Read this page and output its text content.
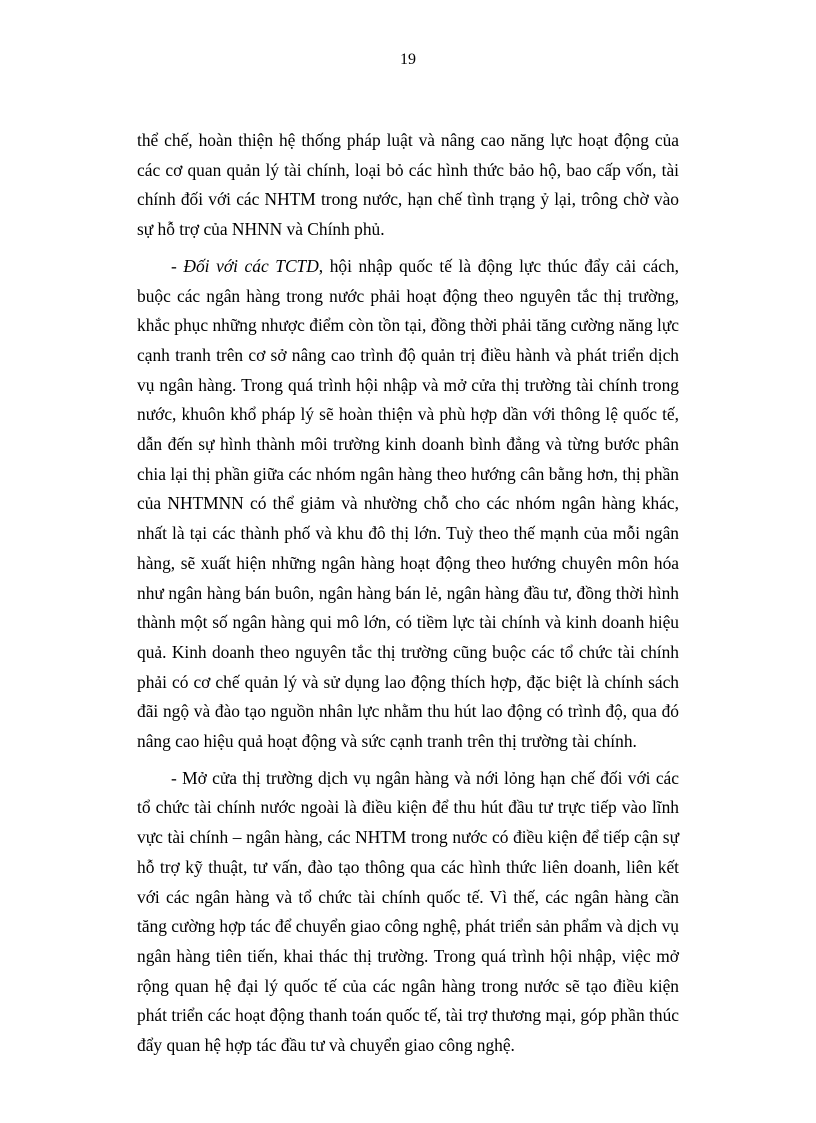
19

thể chế, hoàn thiện hệ thống pháp luật và nâng cao năng lực hoạt động của các cơ quan quản lý tài chính, loại bỏ các hình thức bảo hộ, bao cấp vốn, tài chính đối với các NHTM trong nước, hạn chế tình trạng ỷ lại, trông chờ vào sự hỗ trợ của NHNN và Chính phủ.

- Đối với các TCTD, hội nhập quốc tế là động lực thúc đẩy cải cách, buộc các ngân hàng trong nước phải hoạt động theo nguyên tắc thị trường, khắc phục những nhược điểm còn tồn tại, đồng thời phải tăng cường năng lực cạnh tranh trên cơ sở nâng cao trình độ quản trị điều hành và phát triển dịch vụ ngân hàng. Trong quá trình hội nhập và mở cửa thị trường tài chính trong nước, khuôn khổ pháp lý sẽ hoàn thiện và phù hợp dần với thông lệ quốc tế, dẫn đến sự hình thành môi trường kinh doanh bình đẳng và từng bước phân chia lại thị phần giữa các nhóm ngân hàng theo hướng cân bằng hơn, thị phần của NHTMNN có thể giảm và nhường chỗ cho các nhóm ngân hàng khác, nhất là tại các thành phố và khu đô thị lớn. Tuỳ theo thế mạnh của mỗi ngân hàng, sẽ xuất hiện những ngân hàng hoạt động theo hướng chuyên môn hóa như ngân hàng bán buôn, ngân hàng bán lẻ, ngân hàng đầu tư, đồng thời hình thành một số ngân hàng qui mô lớn, có tiềm lực tài chính và kinh doanh hiệu quả. Kinh doanh theo nguyên tắc thị trường cũng buộc các tổ chức tài chính phải có cơ chế quản lý và sử dụng lao động thích hợp, đặc biệt là chính sách đãi ngộ và đào tạo nguồn nhân lực nhằm thu hút lao động có trình độ, qua đó nâng cao hiệu quả hoạt động và sức cạnh tranh trên thị trường tài chính.

- Mở cửa thị trường dịch vụ ngân hàng và nới lỏng hạn chế đối với các tổ chức tài chính nước ngoài là điều kiện để thu hút đầu tư trực tiếp vào lĩnh vực tài chính – ngân hàng, các NHTM trong nước có điều kiện để tiếp cận sự hỗ trợ kỹ thuật, tư vấn, đào tạo thông qua các hình thức liên doanh, liên kết với các ngân hàng và tổ chức tài chính quốc tế. Vì thế, các ngân hàng cần tăng cường hợp tác để chuyển giao công nghệ, phát triển sản phẩm và dịch vụ ngân hàng tiên tiến, khai thác thị trường. Trong quá trình hội nhập, việc mở rộng quan hệ đại lý quốc tế của các ngân hàng trong nước sẽ tạo điều kiện phát triển các hoạt động thanh toán quốc tế, tài trợ thương mại, góp phần thúc đẩy quan hệ hợp tác đầu tư và chuyển giao công nghệ.
